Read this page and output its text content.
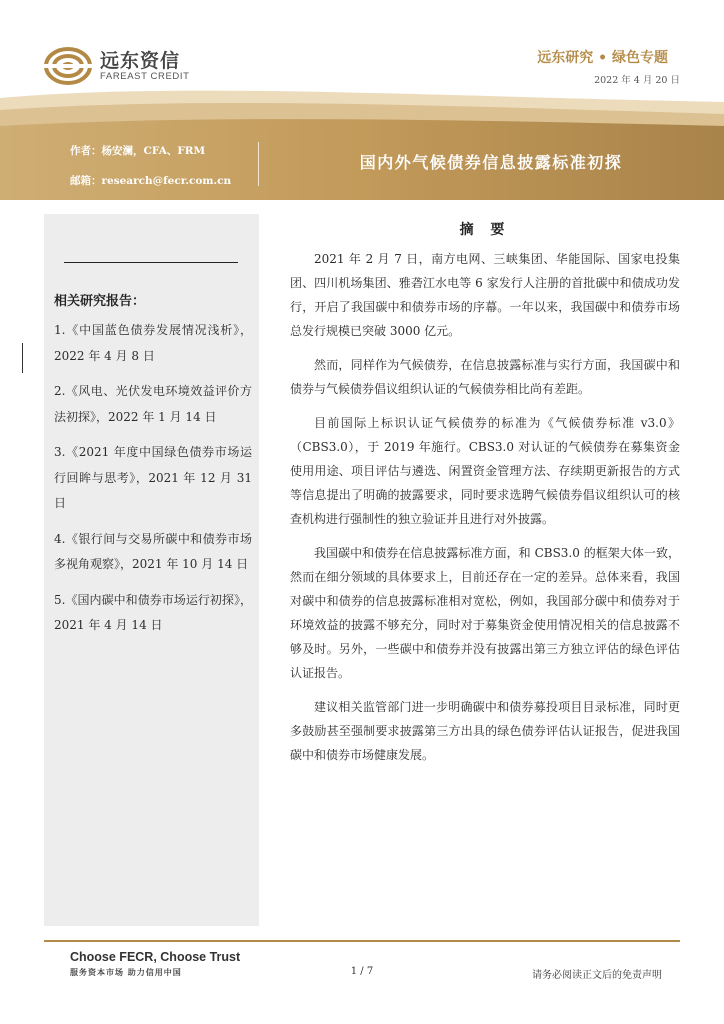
远东资信
FAREAST CREDIT
远东研究 • 绿色专题
2022 年 4 月 20 日
作者：杨安澜，CFA、FRM
邮箱：research@fecr.com.cn
国内外气候债券信息披露标准初探
相关研究报告：
1.《中国蓝色债券发展情况浅析》，2022 年 4 月 8 日
2.《风电、光伏发电环境效益评价方法初探》，2022 年 1 月 14 日
3.《2021 年度中国绿色债券市场运行回眸与思考》，2021 年 12 月 31 日
4.《银行间与交易所碳中和债券市场多视角观察》，2021 年 10 月 14 日
5.《国内碳中和债券市场运行初探》，2021 年 4 月 14 日
摘 要

2021 年 2 月 7 日，南方电网、三峡集团、华能国际、国家电投集团、四川机场集团、雅砻江水电等 6 家发行人注册的首批碳中和债成功发行，开启了我国碳中和债券市场的序幕。一年以来，我国碳中和债券市场总发行规模已突破 3000 亿元。

然而，同样作为气候债券，在信息披露标准与实行方面，我国碳中和债券与气候债券倡议组织认证的气候债券相比尚有差距。

目前国际上标识认证气候债券的标准为《气候债券标准 v3.0》（CBS3.0），于 2019 年施行。CBS3.0 对认证的气候债券在募集资金使用用途、项目评估与遴选、闲置资金管理方法、存续期更新报告的方式等信息提出了明确的披露要求，同时要求选聘气候债券倡议组织认可的核查机构进行强制性的独立验证并且进行对外披露。

我国碳中和债券在信息披露标准方面，和 CBS3.0 的框架大体一致，然而在细分领域的具体要求上，目前还存在一定的差异。总体来看，我国对碳中和债券的信息披露标准相对宽松，例如，我国部分碳中和债券对于环境效益的披露不够充分，同时对于募集资金使用情况相关的信息披露不够及时。另外，一些碳中和债券并没有披露出第三方独立评估的绿色评估认证报告。

建议相关监管部门进一步明确碳中和债券募投项目目录标准，同时更多鼓励甚至强制要求披露第三方出具的绿色债券评估认证报告，促进我国碳中和债券市场健康发展。

Choose FECR, Choose Trust
服务资本市场 助力信用中国	1 / 7	请务必阅读正文后的免责声明
